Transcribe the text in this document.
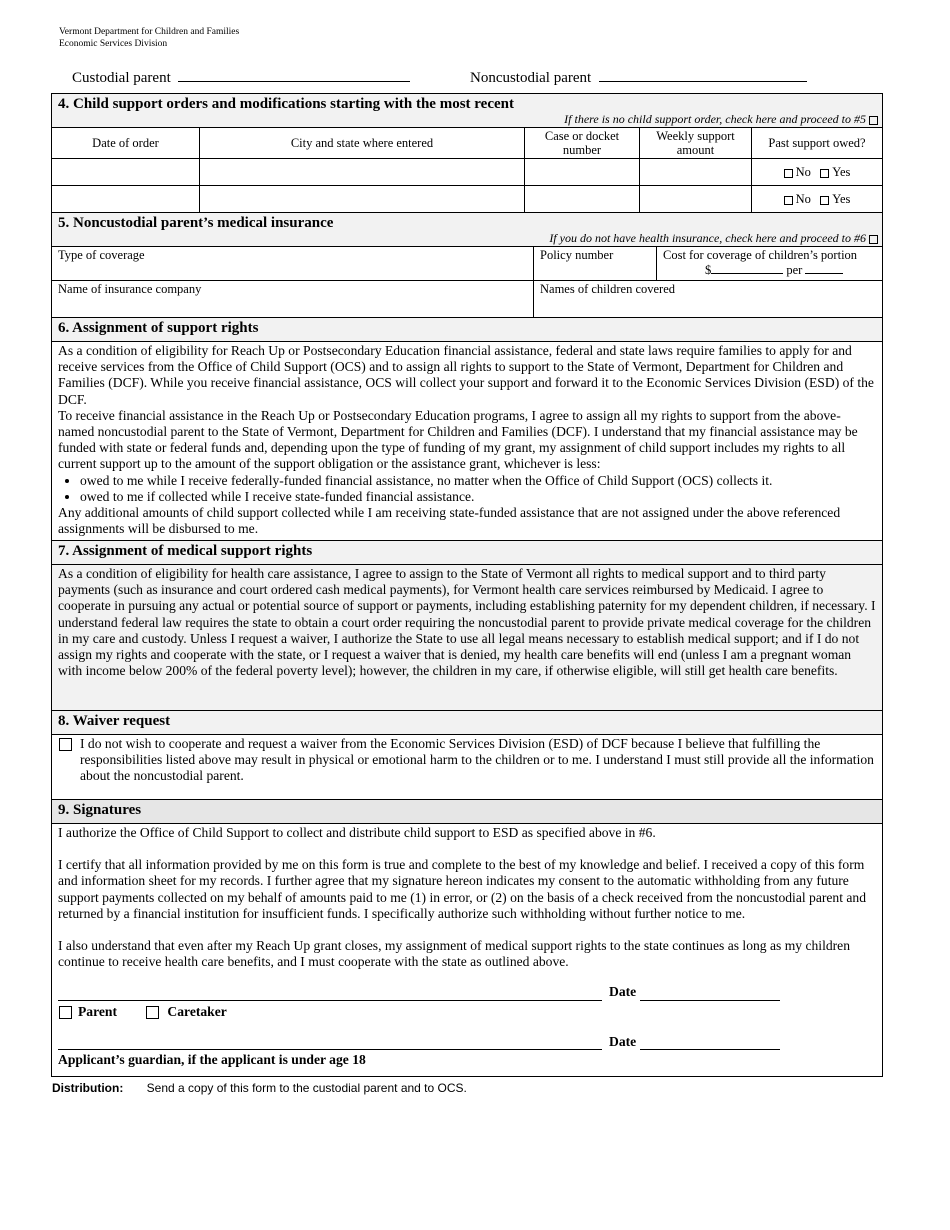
Vermont Department for Children and Families
Economic Services Division
Custodial parent	Noncustodial parent
4. Child support orders and modifications starting with the most recent
If there is no child support order, check here and proceed to #5
Date of order	City and state where entered	Case or docket number	Weekly support amount	Past support owed?
				No Yes
				No Yes
5. Noncustodial parent’s medical insurance
If you do not have health insurance, check here and proceed to #6
Type of coverage	Policy number	Cost for coverage of children’s portion
$	per
Name of insurance company	Names of children covered
6. Assignment of support rights
As a condition of eligibility for Reach Up or Postsecondary Education financial assistance, federal and state laws require families to apply for and receive services from the Office of Child Support (OCS) and to assign all rights to support to the State of Vermont, Department for Children and Families (DCF). While you receive financial assistance, OCS will collect your support and forward it to the Economic Services Division (ESD) of the DCF.
To receive financial assistance in the Reach Up or Postsecondary Education programs, I agree to assign all my rights to support from the above-named noncustodial parent to the State of Vermont, Department for Children and Families (DCF). I understand that my financial assistance may be funded with state or federal funds and, depending upon the type of funding of my grant, my assignment of child support includes my rights to all current support up to the amount of the support obligation or the assistance grant, whichever is less:
• owed to me while I receive federally-funded financial assistance, no matter when the Office of Child Support (OCS) collects it.
• owed to me if collected while I receive state-funded financial assistance.
Any additional amounts of child support collected while I am receiving state-funded assistance that are not assigned under the above referenced assignments will be disbursed to me.
7. Assignment of medical support rights
As a condition of eligibility for health care assistance, I agree to assign to the State of Vermont all rights to medical support and to third party payments (such as insurance and court ordered cash medical payments), for Vermont health care services reimbursed by Medicaid. I agree to cooperate in pursuing any actual or potential source of support or payments, including establishing paternity for my dependent children, if necessary. I understand federal law requires the state to obtain a court order requiring the noncustodial parent to provide private medical coverage for the children in my care and custody. Unless I request a waiver, I authorize the State to use all legal means necessary to establish medical support; and if I do not assign my rights and cooperate with the state, or I request a waiver that is denied, my health care benefits will end (unless I am a pregnant woman with income below 200% of the federal poverty level); however, the children in my care, if otherwise eligible, will still get health care benefits.
8. Waiver request
I do not wish to cooperate and request a waiver from the Economic Services Division (ESD) of DCF because I believe that fulfilling the responsibilities listed above may result in physical or emotional harm to the children or to me. I understand I must still provide all the information about the noncustodial parent.
9. Signatures
I authorize the Office of Child Support to collect and distribute child support to ESD as specified above in #6.
I certify that all information provided by me on this form is true and complete to the best of my knowledge and belief. I received a copy of this form and information sheet for my records. I further agree that my signature hereon indicates my consent to the automatic withholding from any future support payments collected on my behalf of amounts paid to me (1) in error, or (2) on the basis of a check received from the noncustodial parent and returned by a financial institution for insufficient funds. I specifically authorize such withholding without further notice to me.
I also understand that even after my Reach Up grant closes, my assignment of medical support rights to the state continues as long as my children continue to receive health care benefits, and I must cooperate with the state as outlined above.
Date
Parent	Caretaker
Date
Applicant’s guardian, if the applicant is under age 18
Distribution: Send a copy of this form to the custodial parent and to OCS.
